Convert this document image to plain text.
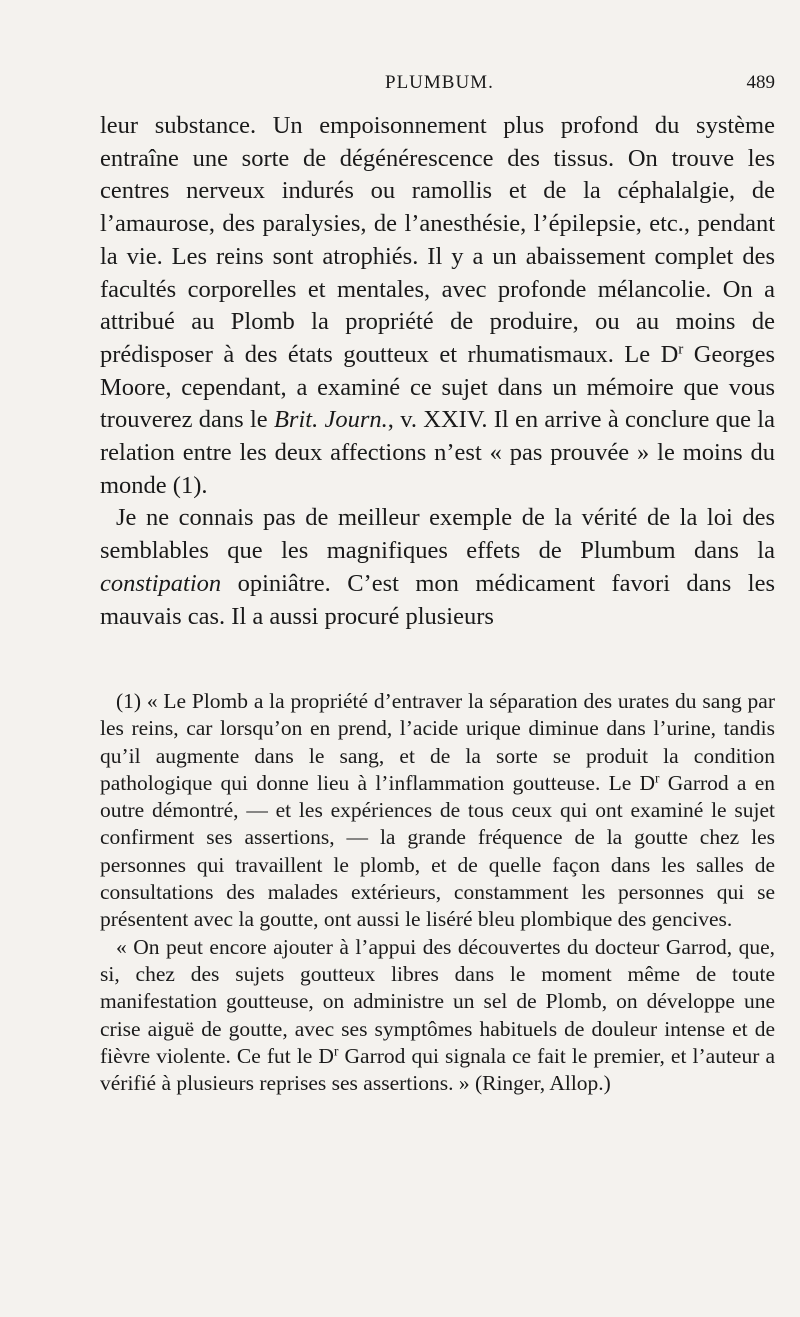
PLUMBUM.	489

leur substance. Un empoisonnement plus profond du système entraîne une sorte de dégénérescence des tissus. On trouve les centres nerveux indurés ou ramollis et de la céphalalgie, de l’amaurose, des paralysies, de l’anesthésie, l’épilepsie, etc., pendant la vie. Les reins sont atrophiés. Il y a un abaissement complet des facultés corporelles et mentales, avec profonde mélancolie. On a attribué au Plomb la propriété de produire, ou au moins de prédisposer à des états goutteux et rhumatismaux. Le $D^r$ Georges Moore, cependant, a examiné ce sujet dans un mémoire que vous trouverez dans le Brit. Journ., v. XXIV. Il en arrive à conclure que la relation entre les deux affections n’est « pas prouvée » le moins du monde (1).

Je ne connais pas de meilleur exemple de la vérité de la loi des semblables que les magnifiques effets de Plumbum dans la constipation opiniâtre. C’est mon médicament favori dans les mauvais cas. Il a aussi procuré plusieurs

(1) « Le Plomb a la propriété d’entraver la séparation des urates du sang par les reins, car lorsqu’on en prend, l’acide urique diminue dans l’urine, tandis qu’il augmente dans le sang, et de la sorte se produit la condition pathologique qui donne lieu à l’inflammation goutteuse. Le $D^r$ Garrod a en outre démontré, — et les expériences de tous ceux qui ont examiné le sujet confirment ses assertions, — la grande fréquence de la goutte chez les personnes qui travaillent le plomb, et de quelle façon dans les salles de consultations des malades extérieurs, constamment les personnes qui se présentent avec la goutte, ont aussi le liséré bleu plombique des gencives.

« On peut encore ajouter à l’appui des découvertes du docteur Garrod, que, si, chez des sujets goutteux libres dans le moment même de toute manifestation goutteuse, on administre un sel de Plomb, on développe une crise aiguë de goutte, avec ses symptômes habituels de douleur intense et de fièvre violente. Ce fut le $D^r$ Garrod qui signala ce fait le premier, et l’auteur a vérifié à plusieurs reprises ses assertions. » (Ringer, Allop.)
